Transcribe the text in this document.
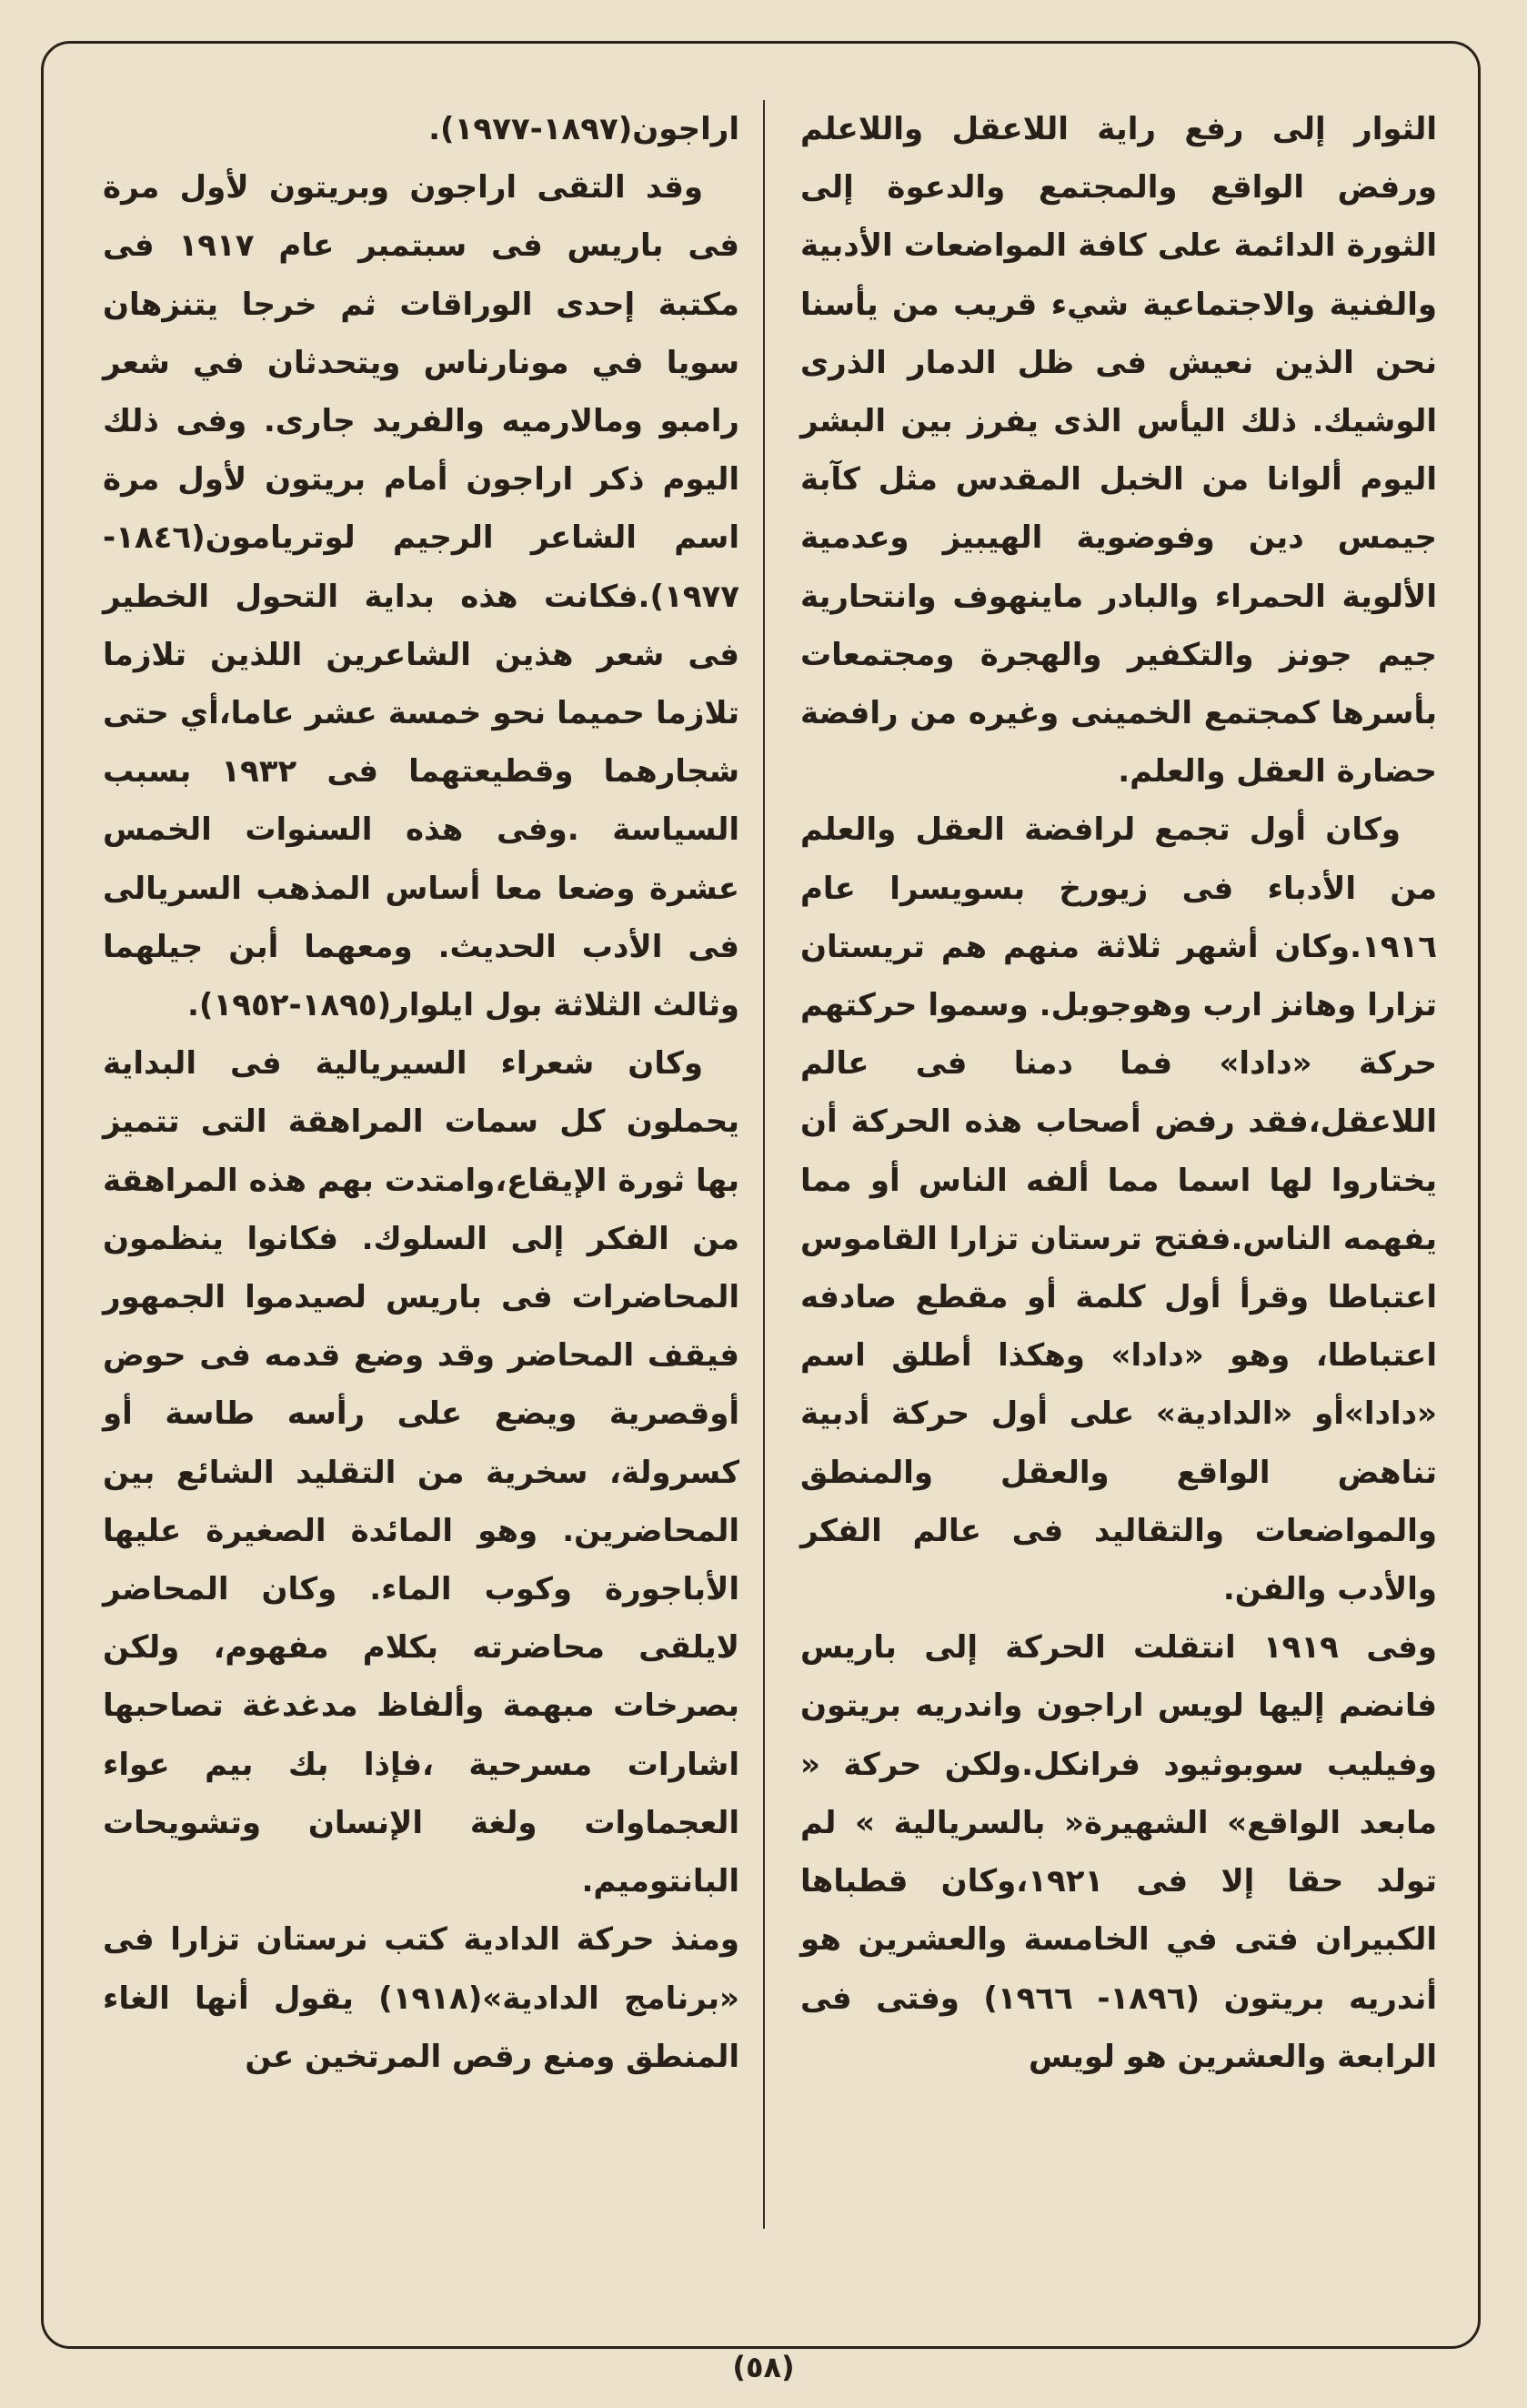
الثوار إلى رفع راية اللاعقل واللاعلم ورفض الواقع والمجتمع والدعوة إلى الثورة الدائمة على كافة المواضعات الأدبية والفنية والاجتماعية شيء قريب من يأسنا نحن الذين نعيش فى ظل الدمار الذرى الوشيك. ذلك اليأس الذى يفرز بين البشر اليوم ألوانا من الخبل المقدس مثل كآبة جيمس دين وفوضوية الهيبيز وعدمية الألوية الحمراء والبادر ماينهوف وانتحارية جيم جونز والتكفير والهجرة ومجتمعات بأسرها كمجتمع الخمينى وغيره من رافضة حضارة العقل والعلم.

وكان أول تجمع لرافضة العقل والعلم من الأدباء فى زيورخ بسويسرا عام ١٩١٦.وكان أشهر ثلاثة منهم هم تريستان تزارا وهانز ارب وهوجوبل. وسموا حركتهم حركة «دادا» فما دمنا فى عالم اللاعقل،فقد رفض أصحاب هذه الحركة أن يختاروا لها اسما مما ألفه الناس أو مما يفهمه الناس.ففتح ترستان تزارا القاموس اعتباطا وقرأ أول كلمة أو مقطع صادفه اعتباطا، وهو «دادا» وهكذا أطلق اسم «دادا»أو «الدادية» على أول حركة أدبية تناهض الواقع والعقل والمنطق والمواضعات والتقاليد فى عالم الفكر والأدب والفن.

وفى ١٩١٩ انتقلت الحركة إلى باريس فانضم إليها لويس اراجون واندريه بريتون وفيليب سوبوثيود فرانكل.ولكن حركة « مابعد الواقع» الشهيرة« بالسريالية » لم تولد حقا إلا فى ١٩٢١،وكان قطباها الكبيران فتى في الخامسة والعشرين هو أندريه بريتون (١٨٩٦- ١٩٦٦) وفتى فى الرابعة والعشرين هو لويس

اراجون(١٨٩٧-١٩٧٧).

وقد التقى اراجون وبريتون لأول مرة فى باريس فى سبتمبر عام ١٩١٧ فى مكتبة إحدى الوراقات ثم خرجا يتنزهان سويا في مونارناس ويتحدثان في شعر رامبو ومالارميه والفريد جارى. وفى ذلك اليوم ذكر اراجون أمام بريتون لأول مرة اسم الشاعر الرجيم لوتريامون(١٨٤٦- ١٩٧٧).فكانت هذه بداية التحول الخطير فى شعر هذين الشاعرين اللذين تلازما تلازما حميما نحو خمسة عشر عاما،أي حتى شجارهما وقطيعتهما فى ١٩٣٢ بسبب السياسة .وفى هذه السنوات الخمس عشرة وضعا معا أساس المذهب السريالى فى الأدب الحديث. ومعهما أبن جيلهما وثالث الثلاثة بول ايلوار(١٨٩٥-١٩٥٢).

وكان شعراء السيريالية فى البداية يحملون كل سمات المراهقة التى تتميز بها ثورة الإيقاع،وامتدت بهم هذه المراهقة من الفكر إلى السلوك. فكانوا ينظمون المحاضرات فى باريس لصيدموا الجمهور فيقف المحاضر وقد وضع قدمه فى حوض أوقصرية ويضع على رأسه طاسة أو كسرولة، سخرية من التقليد الشائع بين المحاضرين. وهو المائدة الصغيرة عليها الأباجورة وكوب الماء. وكان المحاضر لايلقى محاضرته بكلام مفهوم، ولكن بصرخات مبهمة وألفاظ مدغدغة تصاحبها اشارات مسرحية ،فإذا بك بيم عواء العجماوات ولغة الإنسان وتشويحات البانتوميم.

ومنذ حركة الدادية كتب نرستان تزارا فى «برنامج الدادية»(١٩١٨) يقول أنها الغاء المنطق ومنع رقص المرتخين عن

(٥٨)
